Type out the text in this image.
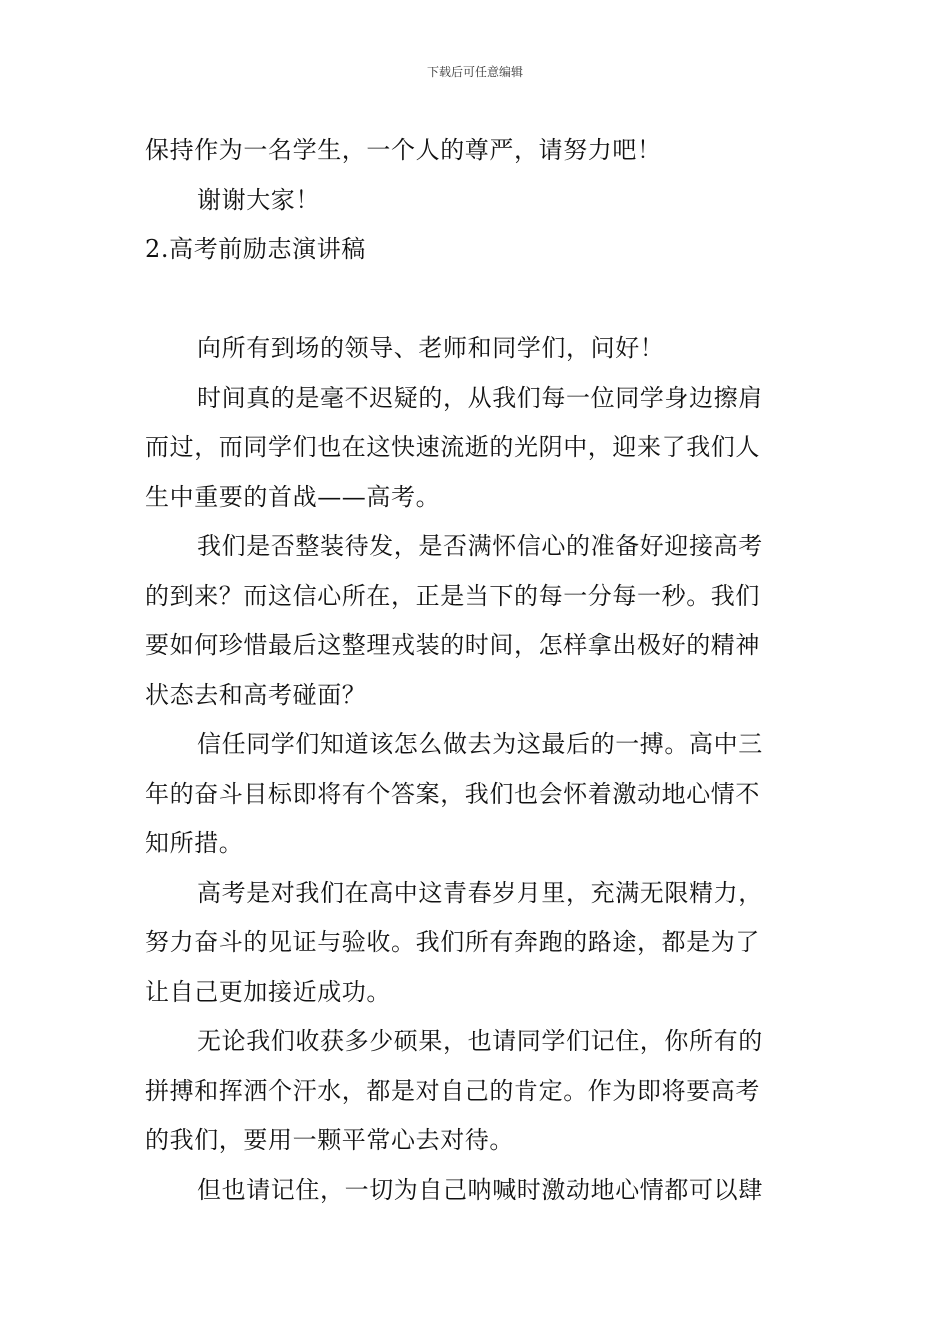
下载后可任意编辑
保持作为一名学生，一个人的尊严，请努力吧！
谢谢大家！
2.高考前励志演讲稿
向所有到场的领导、老师和同学们，问好！
时间真的是毫不迟疑的，从我们每一位同学身边擦肩
而过，而同学们也在这快速流逝的光阴中，迎来了我们人
生中重要的首战——高考。
我们是否整装待发，是否满怀信心的准备好迎接高考
的到来？而这信心所在，正是当下的每一分每一秒。我们
要如何珍惜最后这整理戎装的时间，怎样拿出极好的精神
状态去和高考碰面？
信任同学们知道该怎么做去为这最后的一搏。高中三
年的奋斗目标即将有个答案，我们也会怀着激动地心情不
知所措。
高考是对我们在高中这青春岁月里，充满无限精力，
努力奋斗的见证与验收。我们所有奔跑的路途，都是为了
让自己更加接近成功。
无论我们收获多少硕果，也请同学们记住，你所有的
拼搏和挥洒个汗水，都是对自己的肯定。作为即将要高考
的我们，要用一颗平常心去对待。
但也请记住，一切为自己呐喊时激动地心情都可以肆
